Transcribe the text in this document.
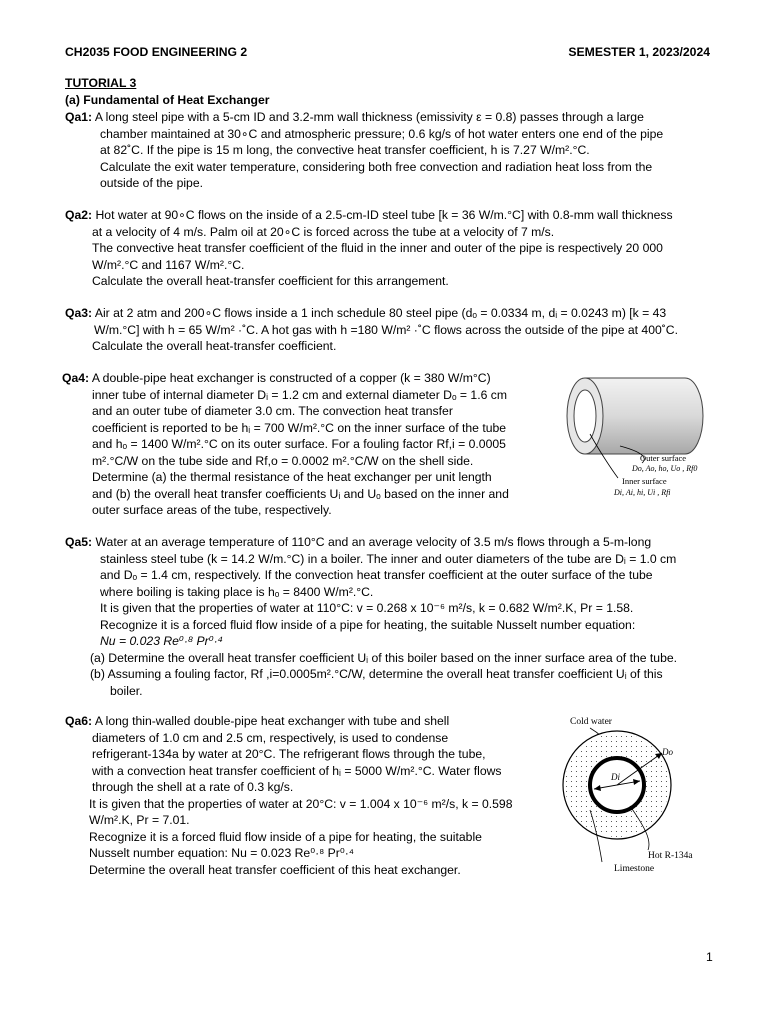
CH2035 FOOD ENGINEERING 2	SEMESTER 1, 2023/2024
TUTORIAL 3
(a) Fundamental of Heat Exchanger
Qa1: A long steel pipe with a 5-cm ID and 3.2-mm wall thickness (emissivity ε = 0.8) passes through a large
chamber maintained at 30∘C and atmospheric pressure; 0.6 kg/s of hot water enters one end of the pipe
at 82˚C. If the pipe is 15 m long, the convective heat transfer coefficient, h is 7.27 W/m².°C.
Calculate the exit water temperature, considering both free convection and radiation heat loss from the
outside of the pipe.
Qa2: Hot water at 90∘C flows on the inside of a 2.5-cm-ID steel tube [k = 36 W/m.°C] with 0.8-mm wall thickness
at a velocity of 4 m/s. Palm oil at 20∘C is forced across the tube at a velocity of 7 m/s.
The convective heat transfer coefficient of the fluid in the inner and outer of the pipe is respectively 20 000
W/m².°C and 1167 W/m².°C.
Calculate the overall heat-transfer coefficient for this arrangement.
Qa3: Air at 2 atm and 200∘C flows inside a 1 inch schedule 80 steel pipe (dₒ = 0.0334 m, dᵢ = 0.0243 m) [k = 43
W/m.°C] with h = 65 W/m² ·˚C. A hot gas with h =180 W/m² ·˚C flows across the outside of the pipe at 400˚C.
Calculate the overall heat-transfer coefficient.
Qa4: A double-pipe heat exchanger is constructed of a copper (k = 380 W/m°C)
inner tube of internal diameter Dᵢ = 1.2 cm and external diameter Dₒ = 1.6 cm
and an outer tube of diameter 3.0 cm. The convection heat transfer
coefficient is reported to be hᵢ = 700 W/m².°C on the inner surface of the tube
and hₒ = 1400 W/m².°C on its outer surface. For a fouling factor Rf,i = 0.0005
m².°C/W on the tube side and Rf,o = 0.0002 m².°C/W on the shell side.
Determine (a) the thermal resistance of the heat exchanger per unit length
and (b) the overall heat transfer coefficients Uᵢ and Uₒ based on the inner and
outer surface areas of the tube, respectively.
Outer surface
Do, Ao, ho, Uo , Rf0
Inner surface
Di, Ai, hi, Ui , Rfi
Qa5: Water at an average temperature of 110°C and an average velocity of 3.5 m/s flows through a 5-m-long
stainless steel tube (k = 14.2 W/m.°C) in a boiler. The inner and outer diameters of the tube are Dᵢ = 1.0 cm
and Dₒ = 1.4 cm, respectively. If the convection heat transfer coefficient at the outer surface of the tube
where boiling is taking place is hₒ = 8400 W/m².°C.
It is given that the properties of water at 110°C: v = 0.268 x 10⁻⁶ m²/s, k = 0.682 W/m².K, Pr = 1.58.
Recognize it is a forced fluid flow inside of a pipe for heating, the suitable Nusselt number equation:
Nu = 0.023 Re⁰·⁸ Pr⁰·⁴
(a) Determine the overall heat transfer coefficient Uᵢ of this boiler based on the inner surface area of the tube.
(b) Assuming a fouling factor, Rf ,i=0.0005m².°C/W, determine the overall heat transfer coefficient Uᵢ of this
boiler.
Qa6: A long thin-walled double-pipe heat exchanger with tube and shell
diameters of 1.0 cm and 2.5 cm, respectively, is used to condense
refrigerant-134a by water at 20°C. The refrigerant flows through the tube,
with a convection heat transfer coefficient of hᵢ = 5000 W/m².°C. Water flows
through the shell at a rate of 0.3 kg/s.
It is given that the properties of water at 20°C: v = 1.004 x 10⁻⁶ m²/s, k = 0.598
W/m².K, Pr = 7.01.
Recognize it is a forced fluid flow inside of a pipe for heating, the suitable
Nusselt number equation: Nu = 0.023 Re⁰·⁸ Pr⁰·⁴
Determine the overall heat transfer coefficient of this heat exchanger.
Cold water
Do
Di
Hot R-134a
Limestone
1
